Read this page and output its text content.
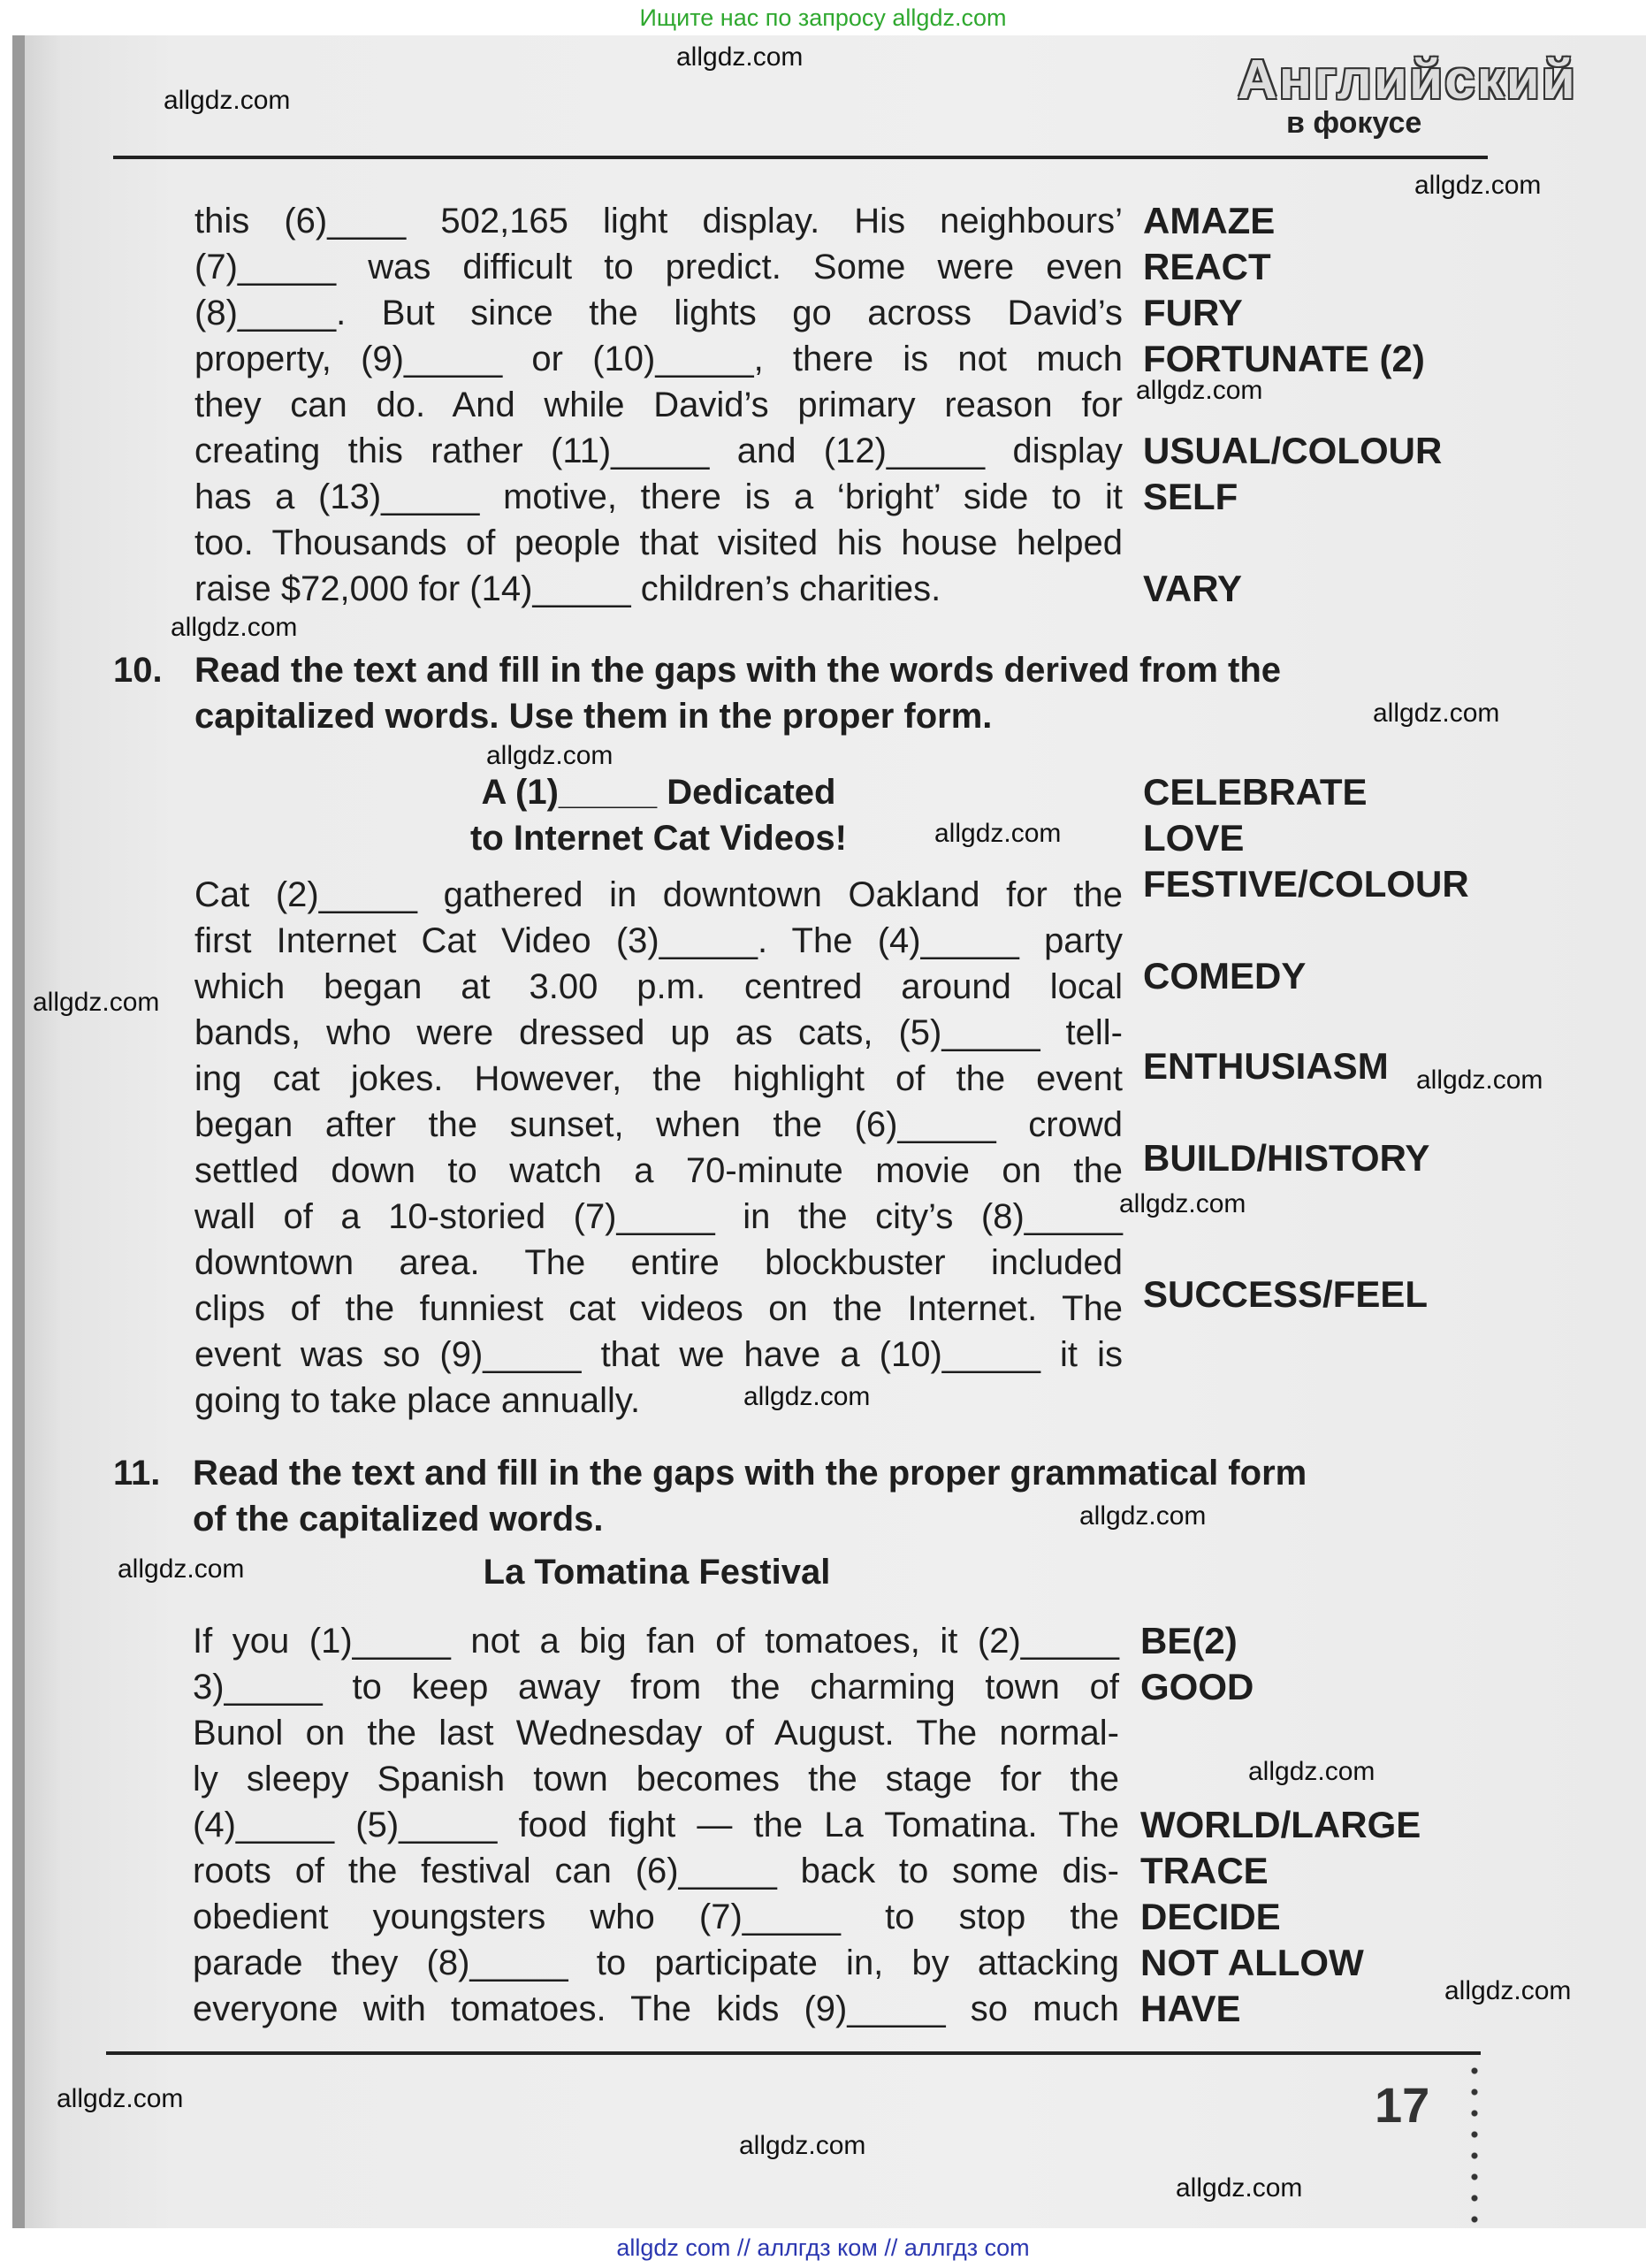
Ищите нас по запросу allgdz.com
Английский
в фокусе
this (6)____ 502,165 light display. His neighbours’
(7)_____ was difficult to predict. Some were even
(8)_____. But since the lights go across David’s
property, (9)_____ or (10)_____, there is not much
they can do. And while David’s primary reason for
creating this rather (11)_____ and (12)_____ display
has a (13)_____ motive, there is a ‘bright’ side to it
too. Thousands of people that visited his house helped
raise $72,000 for (14)_____ children’s charities.
AMAZE
REACT
FURY
FORTUNATE (2)
USUAL/COLOUR
SELF
VARY
10. Read the text and fill in the gaps with the words derived from the
capitalized words. Use them in the proper form.
A (1)_____ Dedicated
to Internet Cat Videos!
Cat (2)_____ gathered in downtown Oakland for the
first Internet Cat Video (3)_____. The (4)_____ party
which began at 3.00 p.m. centred around local
bands, who were dressed up as cats, (5)_____ tell-
ing cat jokes. However, the highlight of the event
began after the sunset, when the (6)_____ crowd
settled down to watch a 70-minute movie on the
wall of a 10-storied (7)_____ in the city’s (8)_____
downtown area. The entire blockbuster included
clips of the funniest cat videos on the Internet. The
event was so (9)_____ that we have a (10)_____ it is
going to take place annually.
CELEBRATE
LOVE
FESTIVE/COLOUR
COMEDY
ENTHUSIASM
BUILD/HISTORY
SUCCESS/FEEL
11. Read the text and fill in the gaps with the proper grammatical form
of the capitalized words.
La Tomatina Festival
If you (1)_____ not a big fan of tomatoes, it (2)_____
3)_____ to keep away from the charming town of
Bunol on the last Wednesday of August. The normal-
ly sleepy Spanish town becomes the stage for the
(4)_____ (5)_____ food fight — the La Tomatina. The
roots of the festival can (6)_____ back to some dis-
obedient youngsters who (7)_____ to stop the
parade they (8)_____ to participate in, by attacking
everyone with tomatoes. The kids (9)_____ so much
BE(2)
GOOD
WORLD/LARGE
TRACE
DECIDE
NOT ALLOW
HAVE
17
allgdz.com
allgdz.com
allgdz.com
allgdz.com
allgdz.com
allgdz.com
allgdz.com
allgdz.com
allgdz.com
allgdz.com
allgdz.com
allgdz.com
allgdz.com
allgdz.com
allgdz.com
allgdz.com
allgdz.com
allgdz.com
allgdz.com
allgdz com // аллгдз ком // аллгдз com
